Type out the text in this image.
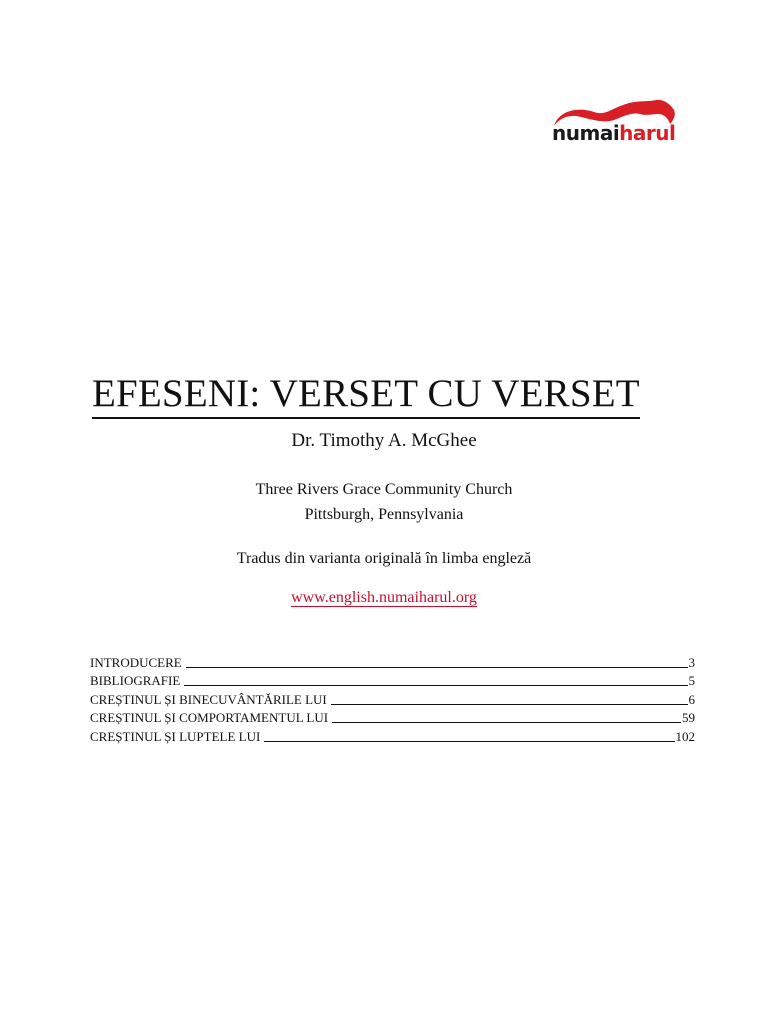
numaiharul
EFESENI: VERSET CU VERSET
Dr. Timothy A. McGhee
Three Rivers Grace Community Church
Pittsburgh, Pennsylvania
Tradus din varianta originală în limba engleză
www.english.numaiharul.org
INTRODUCERE	3
BIBLIOGRAFIE	5
CREȘTINUL ȘI BINECUVÂNTĂRILE LUI	6
CREȘTINUL ȘI COMPORTAMENTUL LUI	59
CREȘTINUL ȘI LUPTELE LUI	102
